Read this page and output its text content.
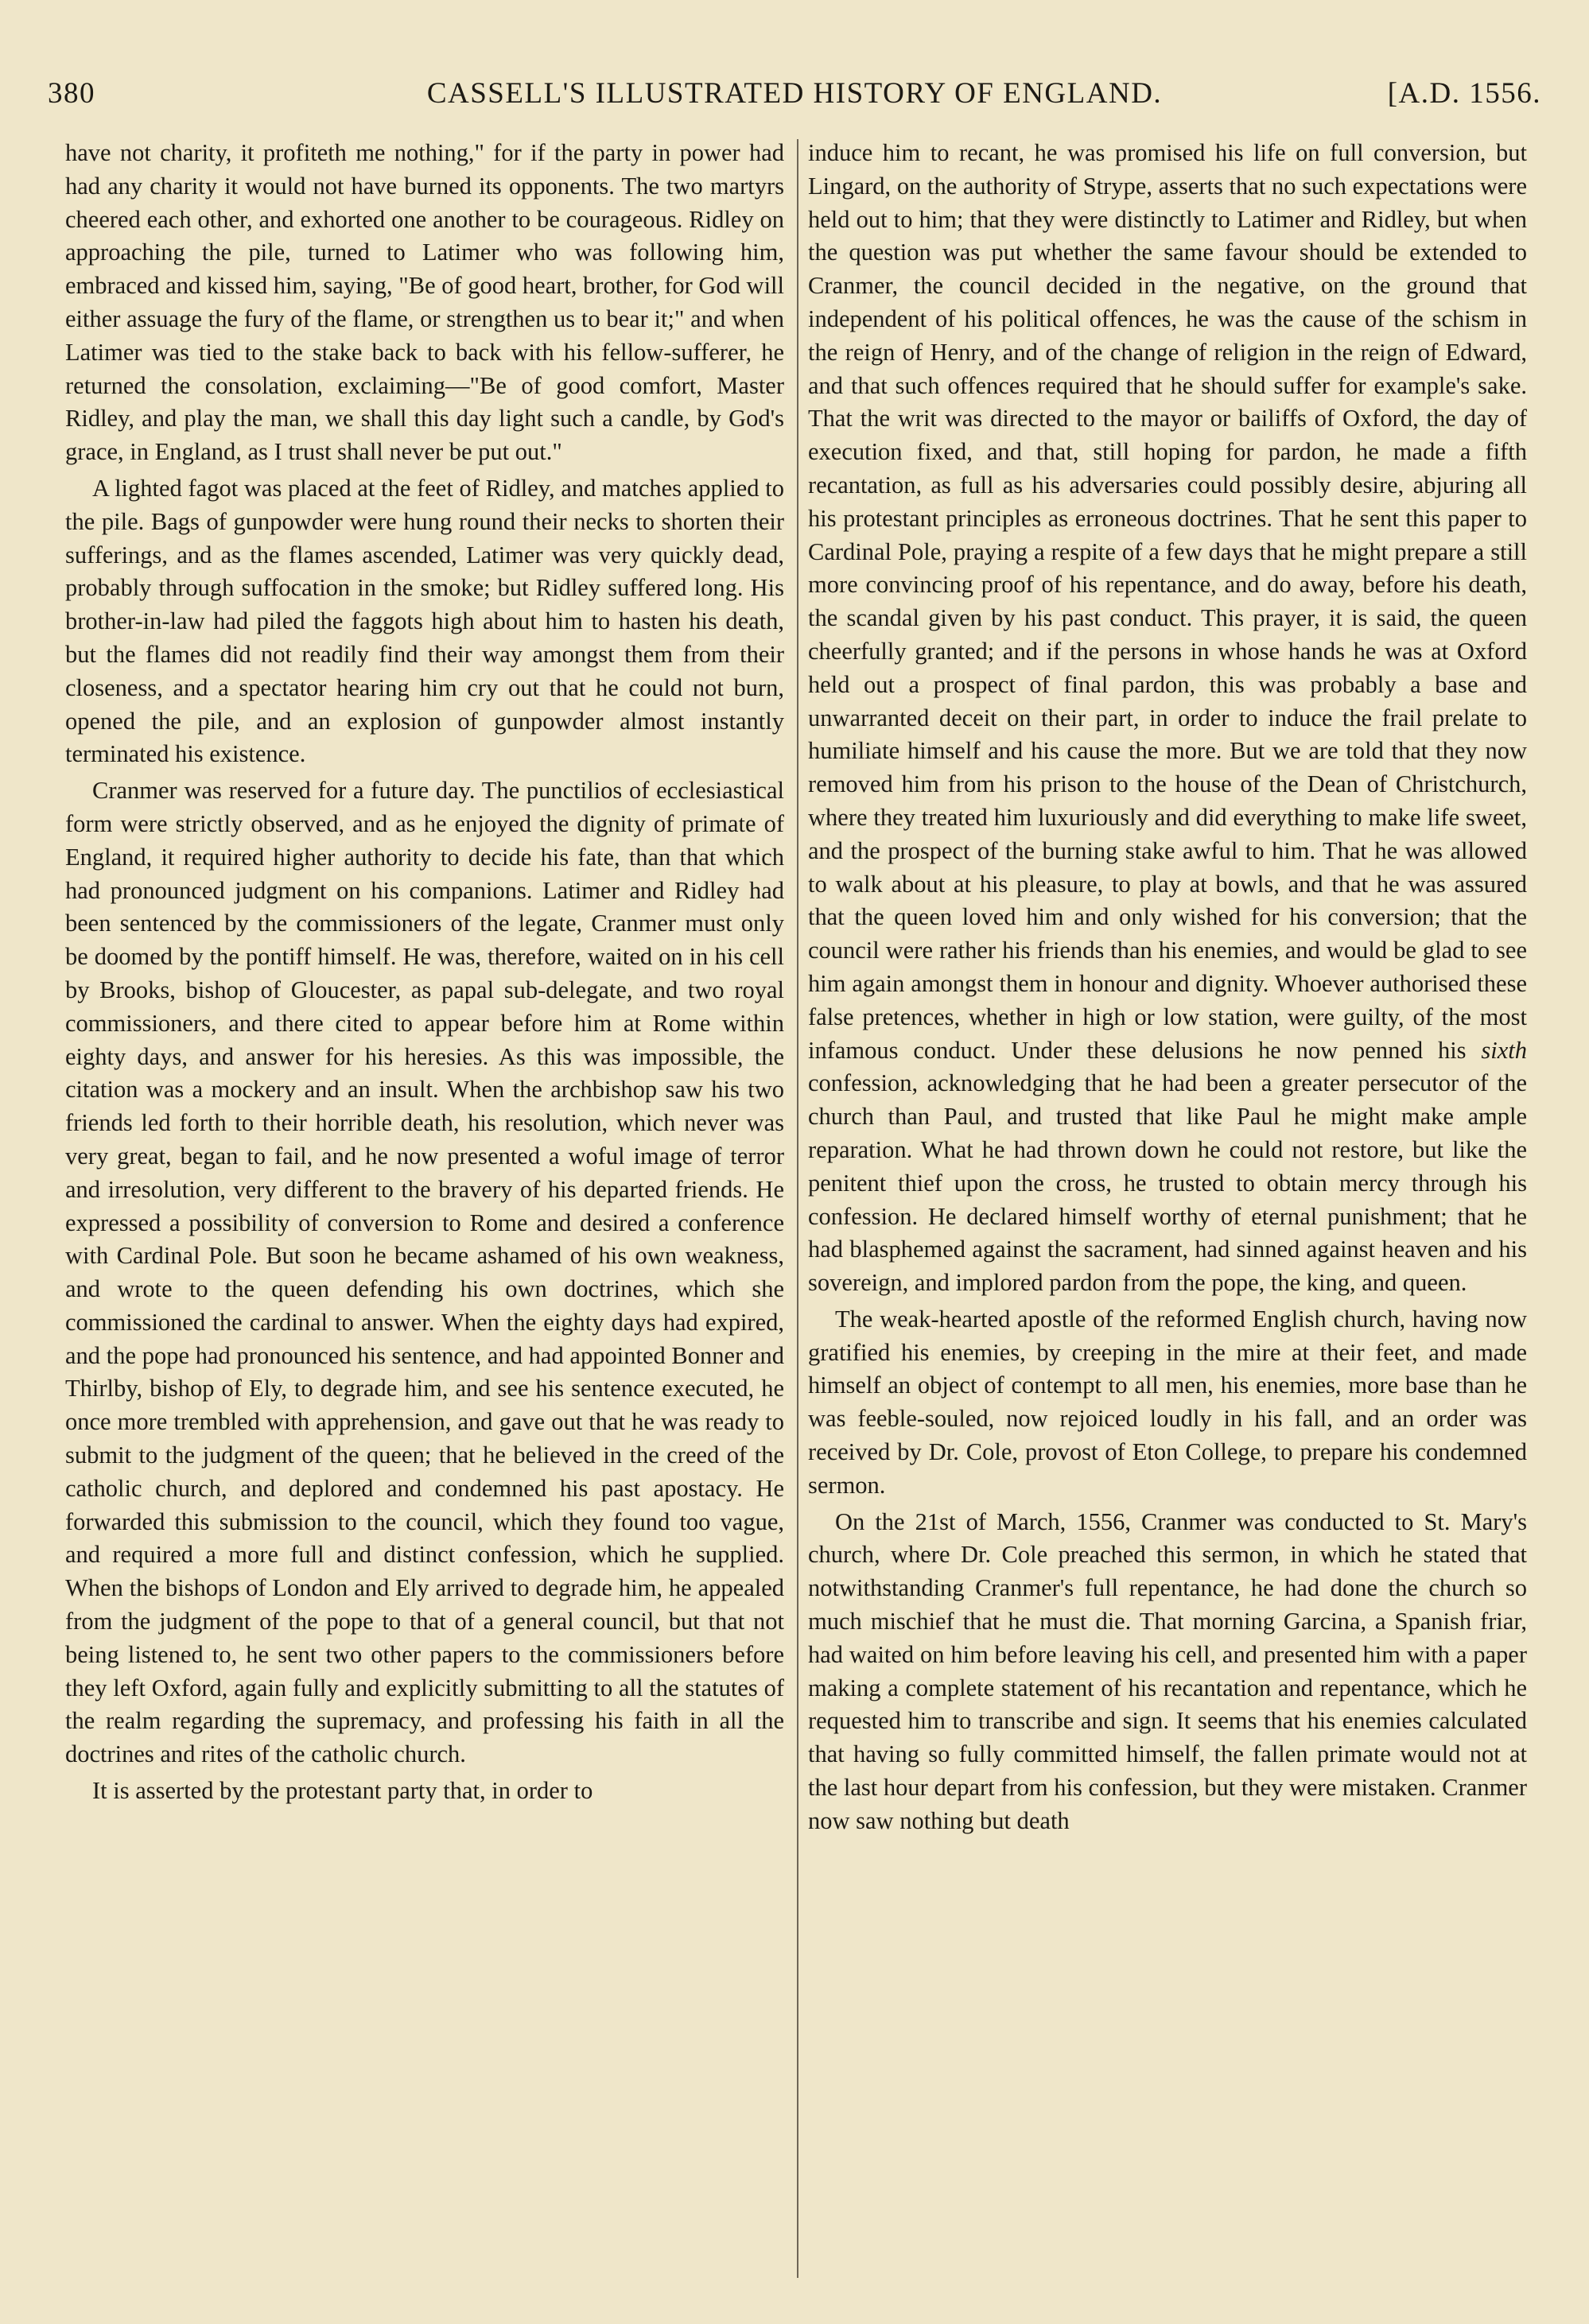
380	CASSELL'S ILLUSTRATED HISTORY OF ENGLAND.	[A.D. 1556.

have not charity, it profiteth me nothing," for if the party in power had had any charity it would not have burned its opponents. The two martyrs cheered each other, and exhorted one another to be courageous. Ridley on approaching the pile, turned to Latimer who was following him, embraced and kissed him, saying, "Be of good heart, brother, for God will either assuage the fury of the flame, or strengthen us to bear it;" and when Latimer was tied to the stake back to back with his fellow-sufferer, he returned the consolation, exclaiming—"Be of good comfort, Master Ridley, and play the man, we shall this day light such a candle, by God's grace, in England, as I trust shall never be put out."

A lighted fagot was placed at the feet of Ridley, and matches applied to the pile. Bags of gunpowder were hung round their necks to shorten their sufferings, and as the flames ascended, Latimer was very quickly dead, probably through suffocation in the smoke; but Ridley suffered long. His brother-in-law had piled the faggots high about him to hasten his death, but the flames did not readily find their way amongst them from their closeness, and a spectator hearing him cry out that he could not burn, opened the pile, and an explosion of gunpowder almost instantly terminated his existence.

Cranmer was reserved for a future day. The punctilios of ecclesiastical form were strictly observed, and as he enjoyed the dignity of primate of England, it required higher authority to decide his fate, than that which had pronounced judgment on his companions. Latimer and Ridley had been sentenced by the commissioners of the legate, Cranmer must only be doomed by the pontiff himself. He was, therefore, waited on in his cell by Brooks, bishop of Gloucester, as papal sub-delegate, and two royal commissioners, and there cited to appear before him at Rome within eighty days, and answer for his heresies. As this was impossible, the citation was a mockery and an insult. When the archbishop saw his two friends led forth to their horrible death, his resolution, which never was very great, began to fail, and he now presented a woful image of terror and irresolution, very different to the bravery of his departed friends. He expressed a possibility of conversion to Rome and desired a conference with Cardinal Pole. But soon he became ashamed of his own weakness, and wrote to the queen defending his own doctrines, which she commissioned the cardinal to answer. When the eighty days had expired, and the pope had pronounced his sentence, and had appointed Bonner and Thirlby, bishop of Ely, to degrade him, and see his sentence executed, he once more trembled with apprehension, and gave out that he was ready to submit to the judgment of the queen; that he believed in the creed of the catholic church, and deplored and condemned his past apostacy. He forwarded this submission to the council, which they found too vague, and required a more full and distinct confession, which he supplied. When the bishops of London and Ely arrived to degrade him, he appealed from the judgment of the pope to that of a general council, but that not being listened to, he sent two other papers to the commissioners before they left Oxford, again fully and explicitly submitting to all the statutes of the realm regarding the supremacy, and professing his faith in all the doctrines and rites of the catholic church.

It is asserted by the protestant party that, in order to

induce him to recant, he was promised his life on full conversion, but Lingard, on the authority of Strype, asserts that no such expectations were held out to him; that they were distinctly to Latimer and Ridley, but when the question was put whether the same favour should be extended to Cranmer, the council decided in the negative, on the ground that independent of his political offences, he was the cause of the schism in the reign of Henry, and of the change of religion in the reign of Edward, and that such offences required that he should suffer for example's sake. That the writ was directed to the mayor or bailiffs of Oxford, the day of execution fixed, and that, still hoping for pardon, he made a fifth recantation, as full as his adversaries could possibly desire, abjuring all his protestant principles as erroneous doctrines. That he sent this paper to Cardinal Pole, praying a respite of a few days that he might prepare a still more convincing proof of his repentance, and do away, before his death, the scandal given by his past conduct. This prayer, it is said, the queen cheerfully granted; and if the persons in whose hands he was at Oxford held out a prospect of final pardon, this was probably a base and unwarranted deceit on their part, in order to induce the frail prelate to humiliate himself and his cause the more. But we are told that they now removed him from his prison to the house of the Dean of Christchurch, where they treated him luxuriously and did everything to make life sweet, and the prospect of the burning stake awful to him. That he was allowed to walk about at his pleasure, to play at bowls, and that he was assured that the queen loved him and only wished for his conversion; that the council were rather his friends than his enemies, and would be glad to see him again amongst them in honour and dignity. Whoever authorised these false pretences, whether in high or low station, were guilty, of the most infamous conduct. Under these delusions he now penned his sixth confession, acknowledging that he had been a greater persecutor of the church than Paul, and trusted that like Paul he might make ample reparation. What he had thrown down he could not restore, but like the penitent thief upon the cross, he trusted to obtain mercy through his confession. He declared himself worthy of eternal punishment; that he had blasphemed against the sacrament, had sinned against heaven and his sovereign, and implored pardon from the pope, the king, and queen.

The weak-hearted apostle of the reformed English church, having now gratified his enemies, by creeping in the mire at their feet, and made himself an object of contempt to all men, his enemies, more base than he was feeble-souled, now rejoiced loudly in his fall, and an order was received by Dr. Cole, provost of Eton College, to prepare his condemned sermon.

On the 21st of March, 1556, Cranmer was conducted to St. Mary's church, where Dr. Cole preached this sermon, in which he stated that notwithstanding Cranmer's full repentance, he had done the church so much mischief that he must die. That morning Garcina, a Spanish friar, had waited on him before leaving his cell, and presented him with a paper making a complete statement of his recantation and repentance, which he requested him to transcribe and sign. It seems that his enemies calculated that having so fully committed himself, the fallen primate would not at the last hour depart from his confession, but they were mistaken. Cranmer now saw nothing but death
